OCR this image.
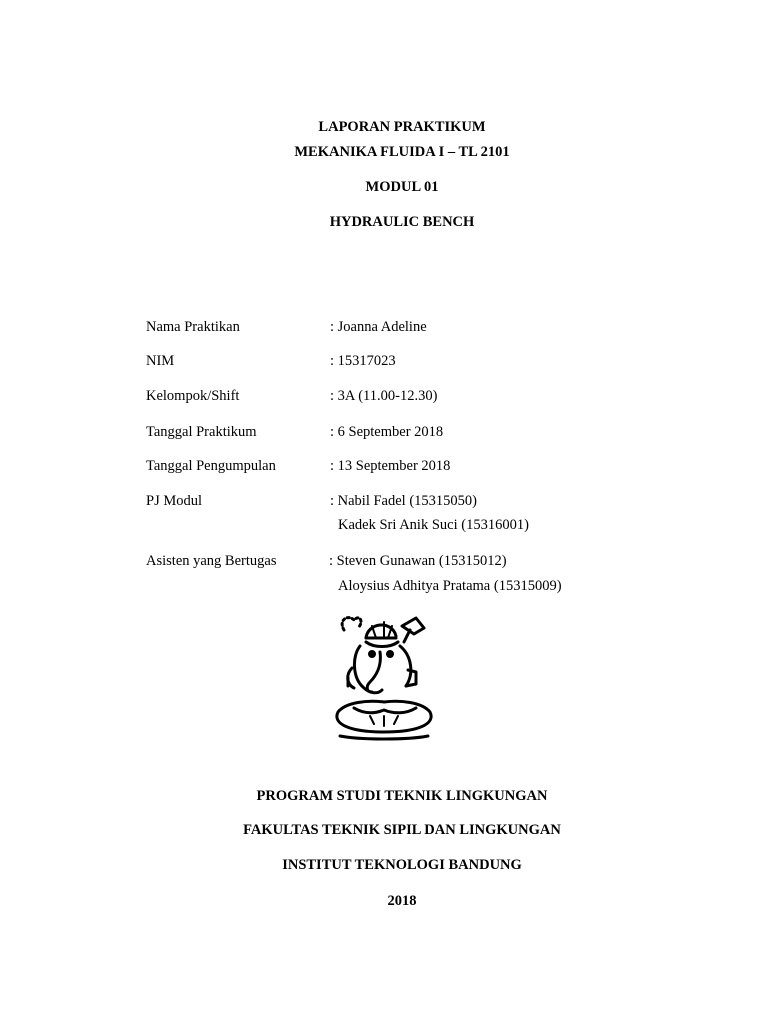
LAPORAN PRAKTIKUM
MEKANIKA FLUIDA I – TL 2101
MODUL 01
HYDRAULIC BENCH
Nama Praktikan	: Joanna Adeline
NIM	: 15317023
Kelompok/Shift	: 3A (11.00-12.30)
Tanggal Praktikum	: 6 September 2018
Tanggal Pengumpulan	: 13 September 2018
PJ Modul	: Nabil Fadel (15315050)
Kadek Sri Anik Suci (15316001)
Asisten yang Bertugas	: Steven Gunawan (15315012)
Aloysius Adhitya Pratama (15315009)
PROGRAM STUDI TEKNIK LINGKUNGAN
FAKULTAS TEKNIK SIPIL DAN LINGKUNGAN
INSTITUT TEKNOLOGI BANDUNG
2018
